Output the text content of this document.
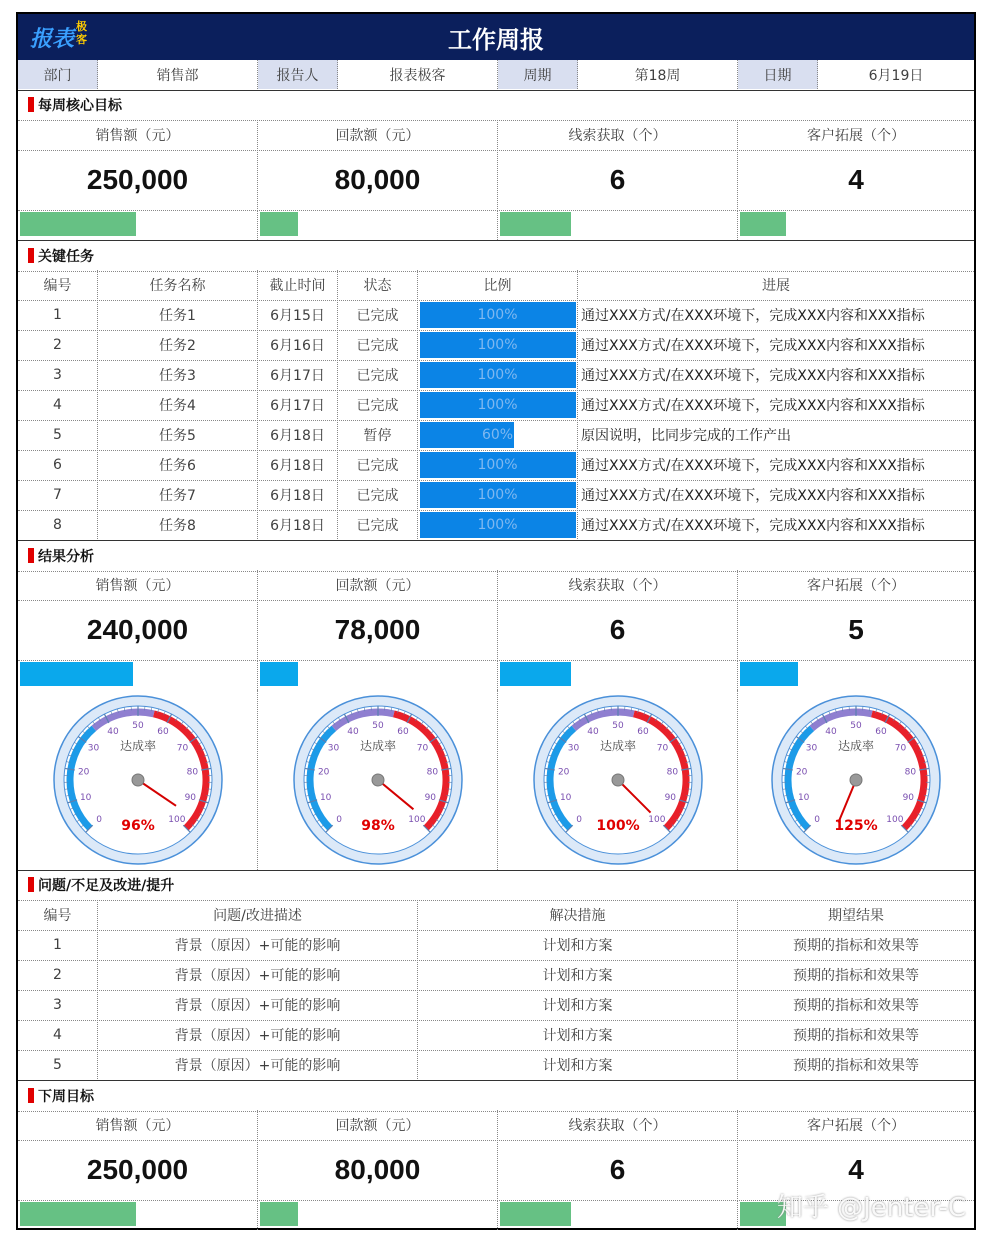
报表
极客	工作周报
部门	销售部	报告人	报表极客	周期	第18周	日期	6月19日
每周核心目标
销售额（元）	回款额（元）	线索获取（个）	客户拓展（个）
250,000	80,000	6	4
关键任务
编号	任务名称	截止时间	状态	比例	进展
1	任务1	6月15日	已完成	100%	通过XXX方式/在XXX环境下，完成XXX内容和XXX指标
2	任务2	6月16日	已完成	100%	通过XXX方式/在XXX环境下，完成XXX内容和XXX指标
3	任务3	6月17日	已完成	100%	通过XXX方式/在XXX环境下，完成XXX内容和XXX指标
4	任务4	6月17日	已完成	100%	通过XXX方式/在XXX环境下，完成XXX内容和XXX指标
5	任务5	6月18日	暂停	60%	原因说明，比同步完成的工作产出
6	任务6	6月18日	已完成	100%	通过XXX方式/在XXX环境下，完成XXX内容和XXX指标
7	任务7	6月18日	已完成	100%	通过XXX方式/在XXX环境下，完成XXX内容和XXX指标
8	任务8	6月18日	已完成	100%	通过XXX方式/在XXX环境下，完成XXX内容和XXX指标
结果分析
销售额（元）	回款额（元）	线索获取（个）	客户拓展（个）
240,000	78,000	6	5
0
10
20
30
40
50
60
70
80
90
100
达成率
96%	0
10
20
30
40
50
60
70
80
90
100
达成率
98%	0
10
20
30
40
50
60
70
80
90
100
达成率
100%	0
10
20
30
40
50
60
70
80
90
100
达成率
125%
问题/不足及改进/提升
编号	问题/改进描述	解决措施	期望结果
1	背景（原因）+可能的影响	计划和方案	预期的指标和效果等
2	背景（原因）+可能的影响	计划和方案	预期的指标和效果等
3	背景（原因）+可能的影响	计划和方案	预期的指标和效果等
4	背景（原因）+可能的影响	计划和方案	预期的指标和效果等
5	背景（原因）+可能的影响	计划和方案	预期的指标和效果等
下周目标
销售额（元）	回款额（元）	线索获取（个）	客户拓展（个）
250,000	80,000	6	4
知乎 @Jenter-C
